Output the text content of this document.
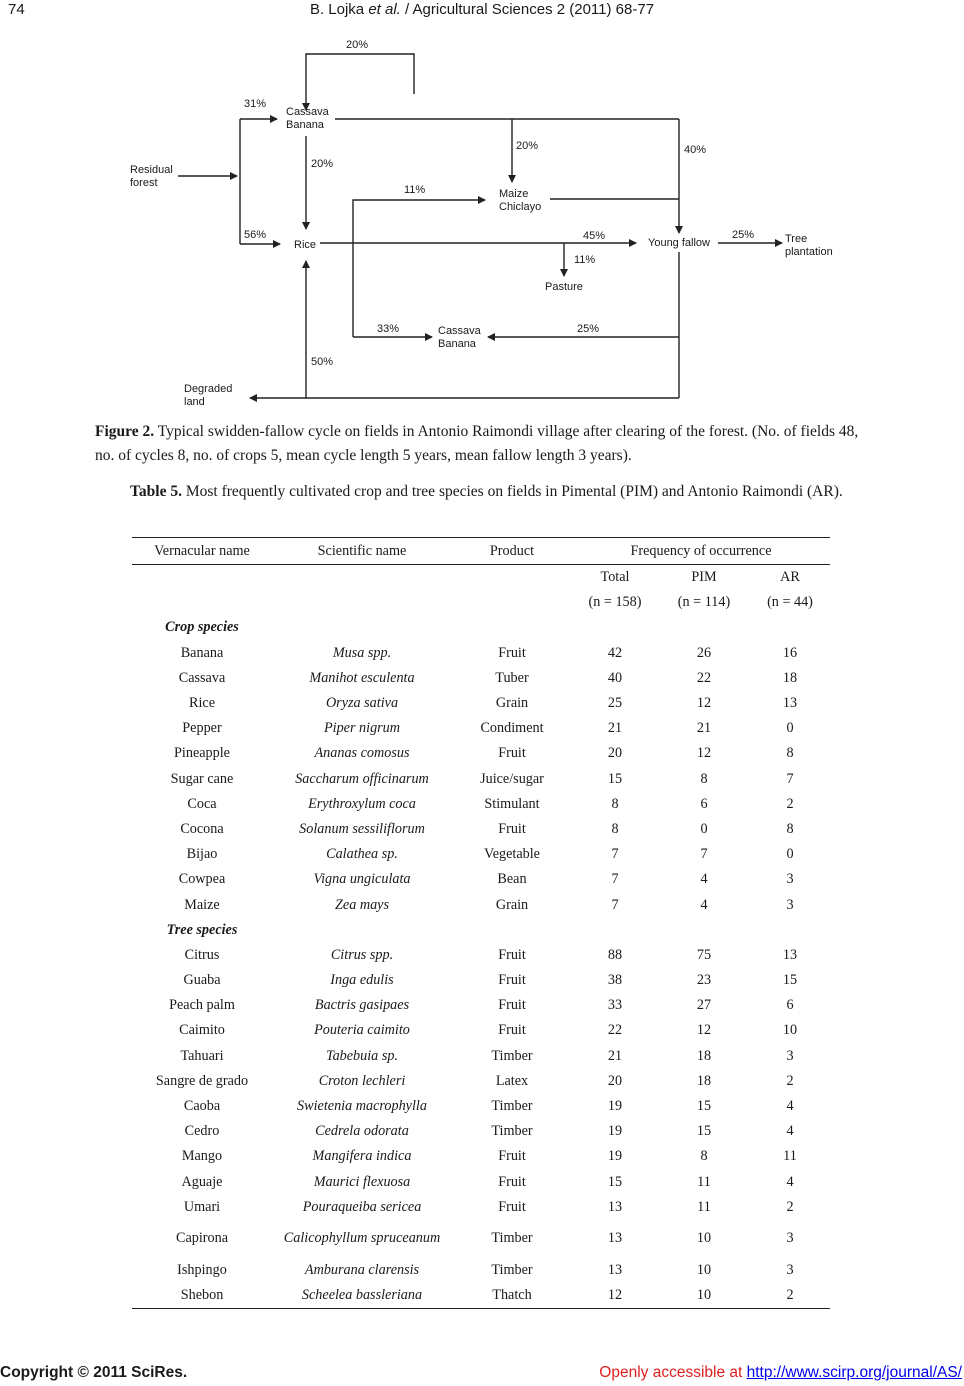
74	B. Lojka et al. / Agricultural Sciences 2 (2011) 68-77
Residual forest
Cassava Banana
Rice
Maize Chiclayo
Young fallow	Tree plantation
Pasture
Cassava Banana
Degraded land
20%
31%
56%
20%
20%	40%
11%
45%
11%
25%
33%	25%
50%
Figure 2. Typical swidden-fallow cycle on fields in Antonio Raimondi village after clearing of the forest. (No. of fields 48, no. of cycles 8, no. of crops 5, mean cycle length 5 years, mean fallow length 3 years).
Table 5. Most frequently cultivated crop and tree species on fields in Pimental (PIM) and Antonio Raimondi (AR).
Vernacular name	Scientific name	Product	Frequency of occurrence		
			Total	PIM	AR
			(n = 158)	(n = 114)	(n = 44)
Crop species					
Banana	Musa spp.	Fruit	42	26	16
Cassava	Manihot esculenta	Tuber	40	22	18
Rice	Oryza sativa	Grain	25	12	13
Pepper	Piper nigrum	Condiment	21	21	0
Pineapple	Ananas comosus	Fruit	20	12	8
Sugar cane	Saccharum officinarum	Juice/sugar	15	8	7
Coca	Erythroxylum coca	Stimulant	8	6	2
Cocona	Solanum sessiliflorum	Fruit	8	0	8
Bijao	Calathea sp.	Vegetable	7	7	0
Cowpea	Vigna ungiculata	Bean	7	4	3
Maize	Zea mays	Grain	7	4	3
Tree species					
Citrus	Citrus spp.	Fruit	88	75	13
Guaba	Inga edulis	Fruit	38	23	15
Peach palm	Bactris gasipaes	Fruit	33	27	6
Caimito	Pouteria caimito	Fruit	22	12	10
Tahuari	Tabebuia sp.	Timber	21	18	3
Sangre de grado	Croton lechleri	Latex	20	18	2
Caoba	Swietenia macrophylla	Timber	19	15	4
Cedro	Cedrela odorata	Timber	19	15	4
Mango	Mangifera indica	Fruit	19	8	11
Aguaje	Maurici flexuosa	Fruit	15	11	4
Umari	Pouraqueiba sericea	Fruit	13	11	2
Capirona	Calicophyllum spruceanum	Timber	13	10	3
Ishpingo	Amburana clarensis	Timber	13	10	3
Shebon	Scheelea bassleriana	Thatch	12	10	2
Copyright © 2011 SciRes.	Openly accessible at http://www.scirp.org/journal/AS/
